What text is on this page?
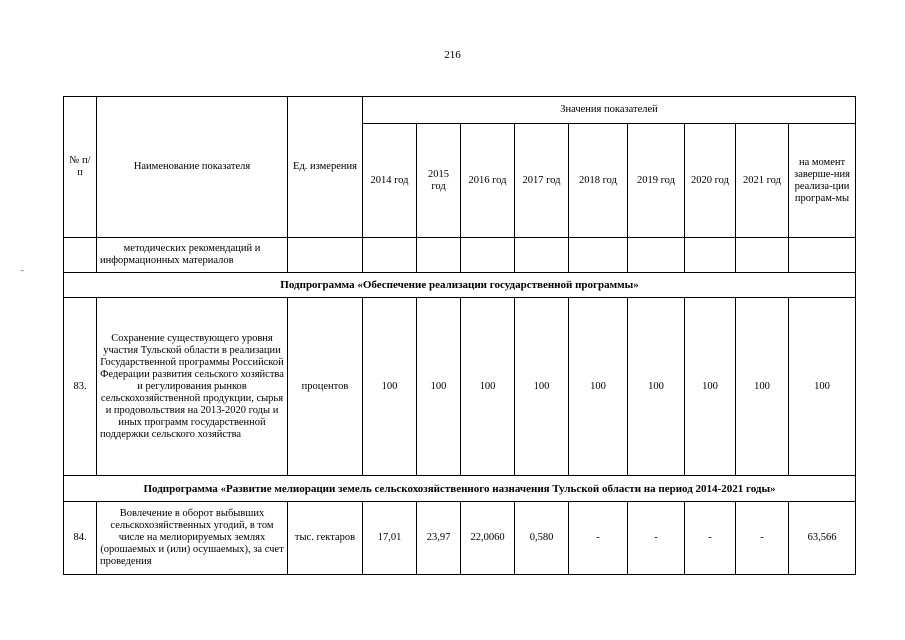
216
-
№ п/п	Наименование показателя	Ед. измерения	Значения показателей								
			2014 год	2015 год	2016 год	2017 год	2018 год	2019 год	2020 год	2021 год	на момент заверше-ния реализа-ции програм-мы
	методических рекомендаций и информационных материалов										
Подпрограмма «Обеспечение реализации государственной программы»											
83.	Сохранение существующего уровня участия Тульской области в реализации Государственной программы Российской Федерации развития сельского хозяйства и регулирования рынков сельскохозяйственной продукции, сырья и продовольствия на 2013-2020 годы и иных программ государственной поддержки сельского хозяйства	процентов	100	100	100	100	100	100	100	100	100
Подпрограмма «Развитие мелиорации земель сельскохозяйственного назначения Тульской области на период 2014-2021 годы»											
84.	Вовлечение в оборот выбывших сельскохозяйственных угодий, в том числе на мелиорируемых землях (орошаемых и (или) осушаемых), за счет проведения	тыс. гектаров	17,01	23,97	22,0060	0,580	-	-	-	-	63,566
